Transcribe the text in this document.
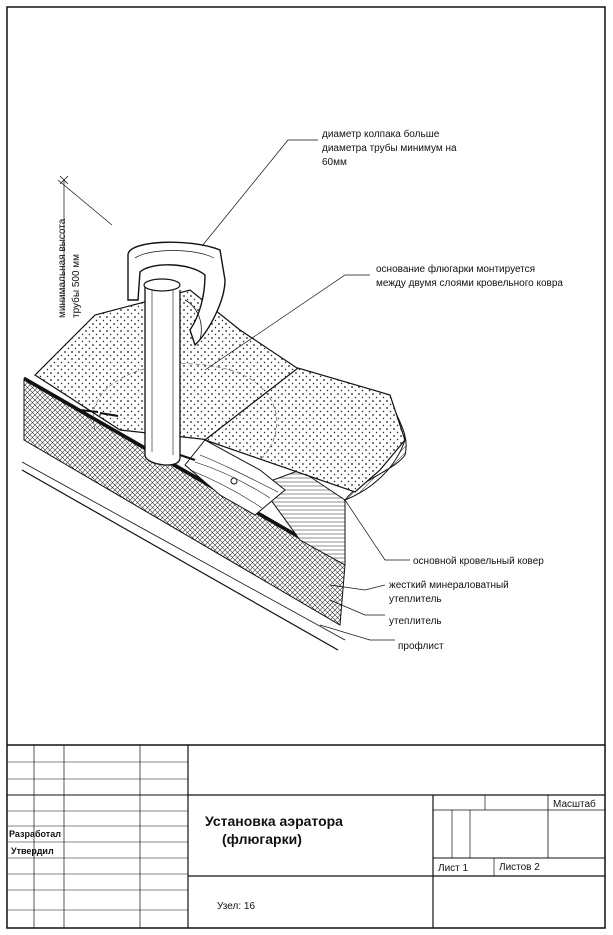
диаметр колпака больше
диаметра трубы минимум на
60мм
основание флюгарки монтируется
между двумя слоями кровельного ковра
минимальная высота трубы 500 мм
основной кровельный ковер
жесткий минераловатный
утеплитель
утеплитель
профлист
Разработал
Утвердил
Установка аэратора
(флюгарки)
Масштаб
Лист 1	Листов 2
Узел: 16
